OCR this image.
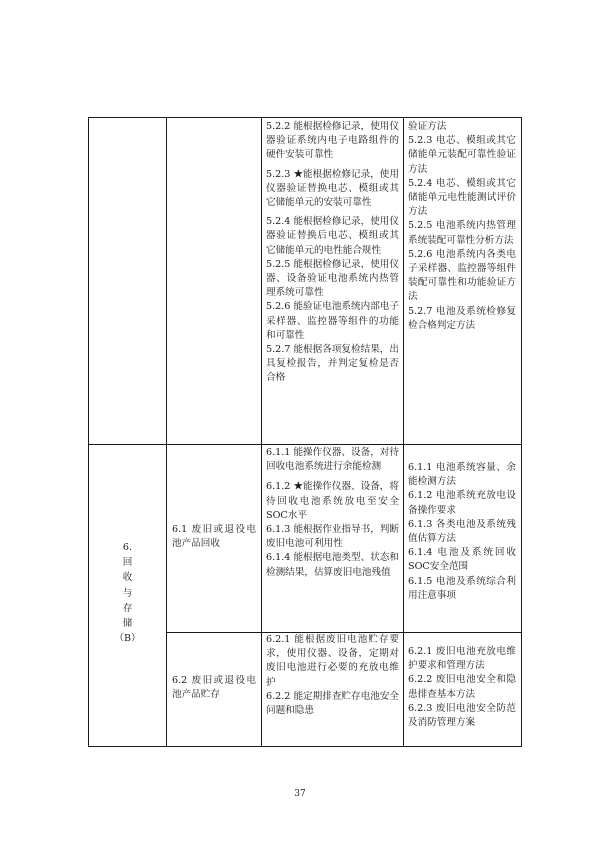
5.2.2 能根据检修记录，使用仪器验证系统内电子电路组件的硬件安装可靠性

5.2.3 ★能根据检修记录，使用仪器验证替换电芯、模组或其它储能单元的安装可靠性

5.2.4 能根据检修记录，使用仪器验证替换后电芯、模组或其它储能单元的电性能合规性

5.2.5 能根据检修记录，使用仪器、设备验证电池系统内热管理系统可靠性

5.2.6 能验证电池系统内部电子采样器、监控器等组件的功能和可靠性

5.2.7 能根据各项复检结果，出具复检报告，并判定复检是否合格

验证方法

5.2.3 电芯、模组或其它储能单元装配可靠性验证方法

5.2.4 电芯、模组或其它储能单元电性能测试评价方法

5.2.5 电池系统内热管理系统装配可靠性分析方法

5.2.6 电池系统内各类电子采样器、监控器等组件装配可靠性和功能验证方法

5.2.7 电池及系统检修复检合格判定方法

6.
回
收
与
存
储
（B）
6.1 废旧或退役电池产品回收

6.1.1 能操作仪器、设备，对待回收电池系统进行余能检测

6.1.2 ★能操作仪器、设备，将待回收电池系统放电至安全SOC水平

6.1.3 能根据作业指导书，判断废旧电池可利用性

6.1.4 能根据电池类型、状态和检测结果，估算废旧电池残值

6.1.1 电池系统容量、余能检测方法

6.1.2 电池系统充放电设备操作要求

6.1.3 各类电池及系统残值估算方法

6.1.4 电池及系统回收SOC安全范围

6.1.5 电池及系统综合利用注意事项

6.2 废旧或退役电池产品贮存

6.2.1 能根据废旧电池贮存要求，使用仪器、设备，定期对废旧电池进行必要的充放电维护

6.2.2 能定期排查贮存电池安全问题和隐患

6.2.1 废旧电池充放电维护要求和管理方法

6.2.2 废旧电池安全和隐患排查基本方法

6.2.3 废旧电池安全防范及消防管理方案

37
